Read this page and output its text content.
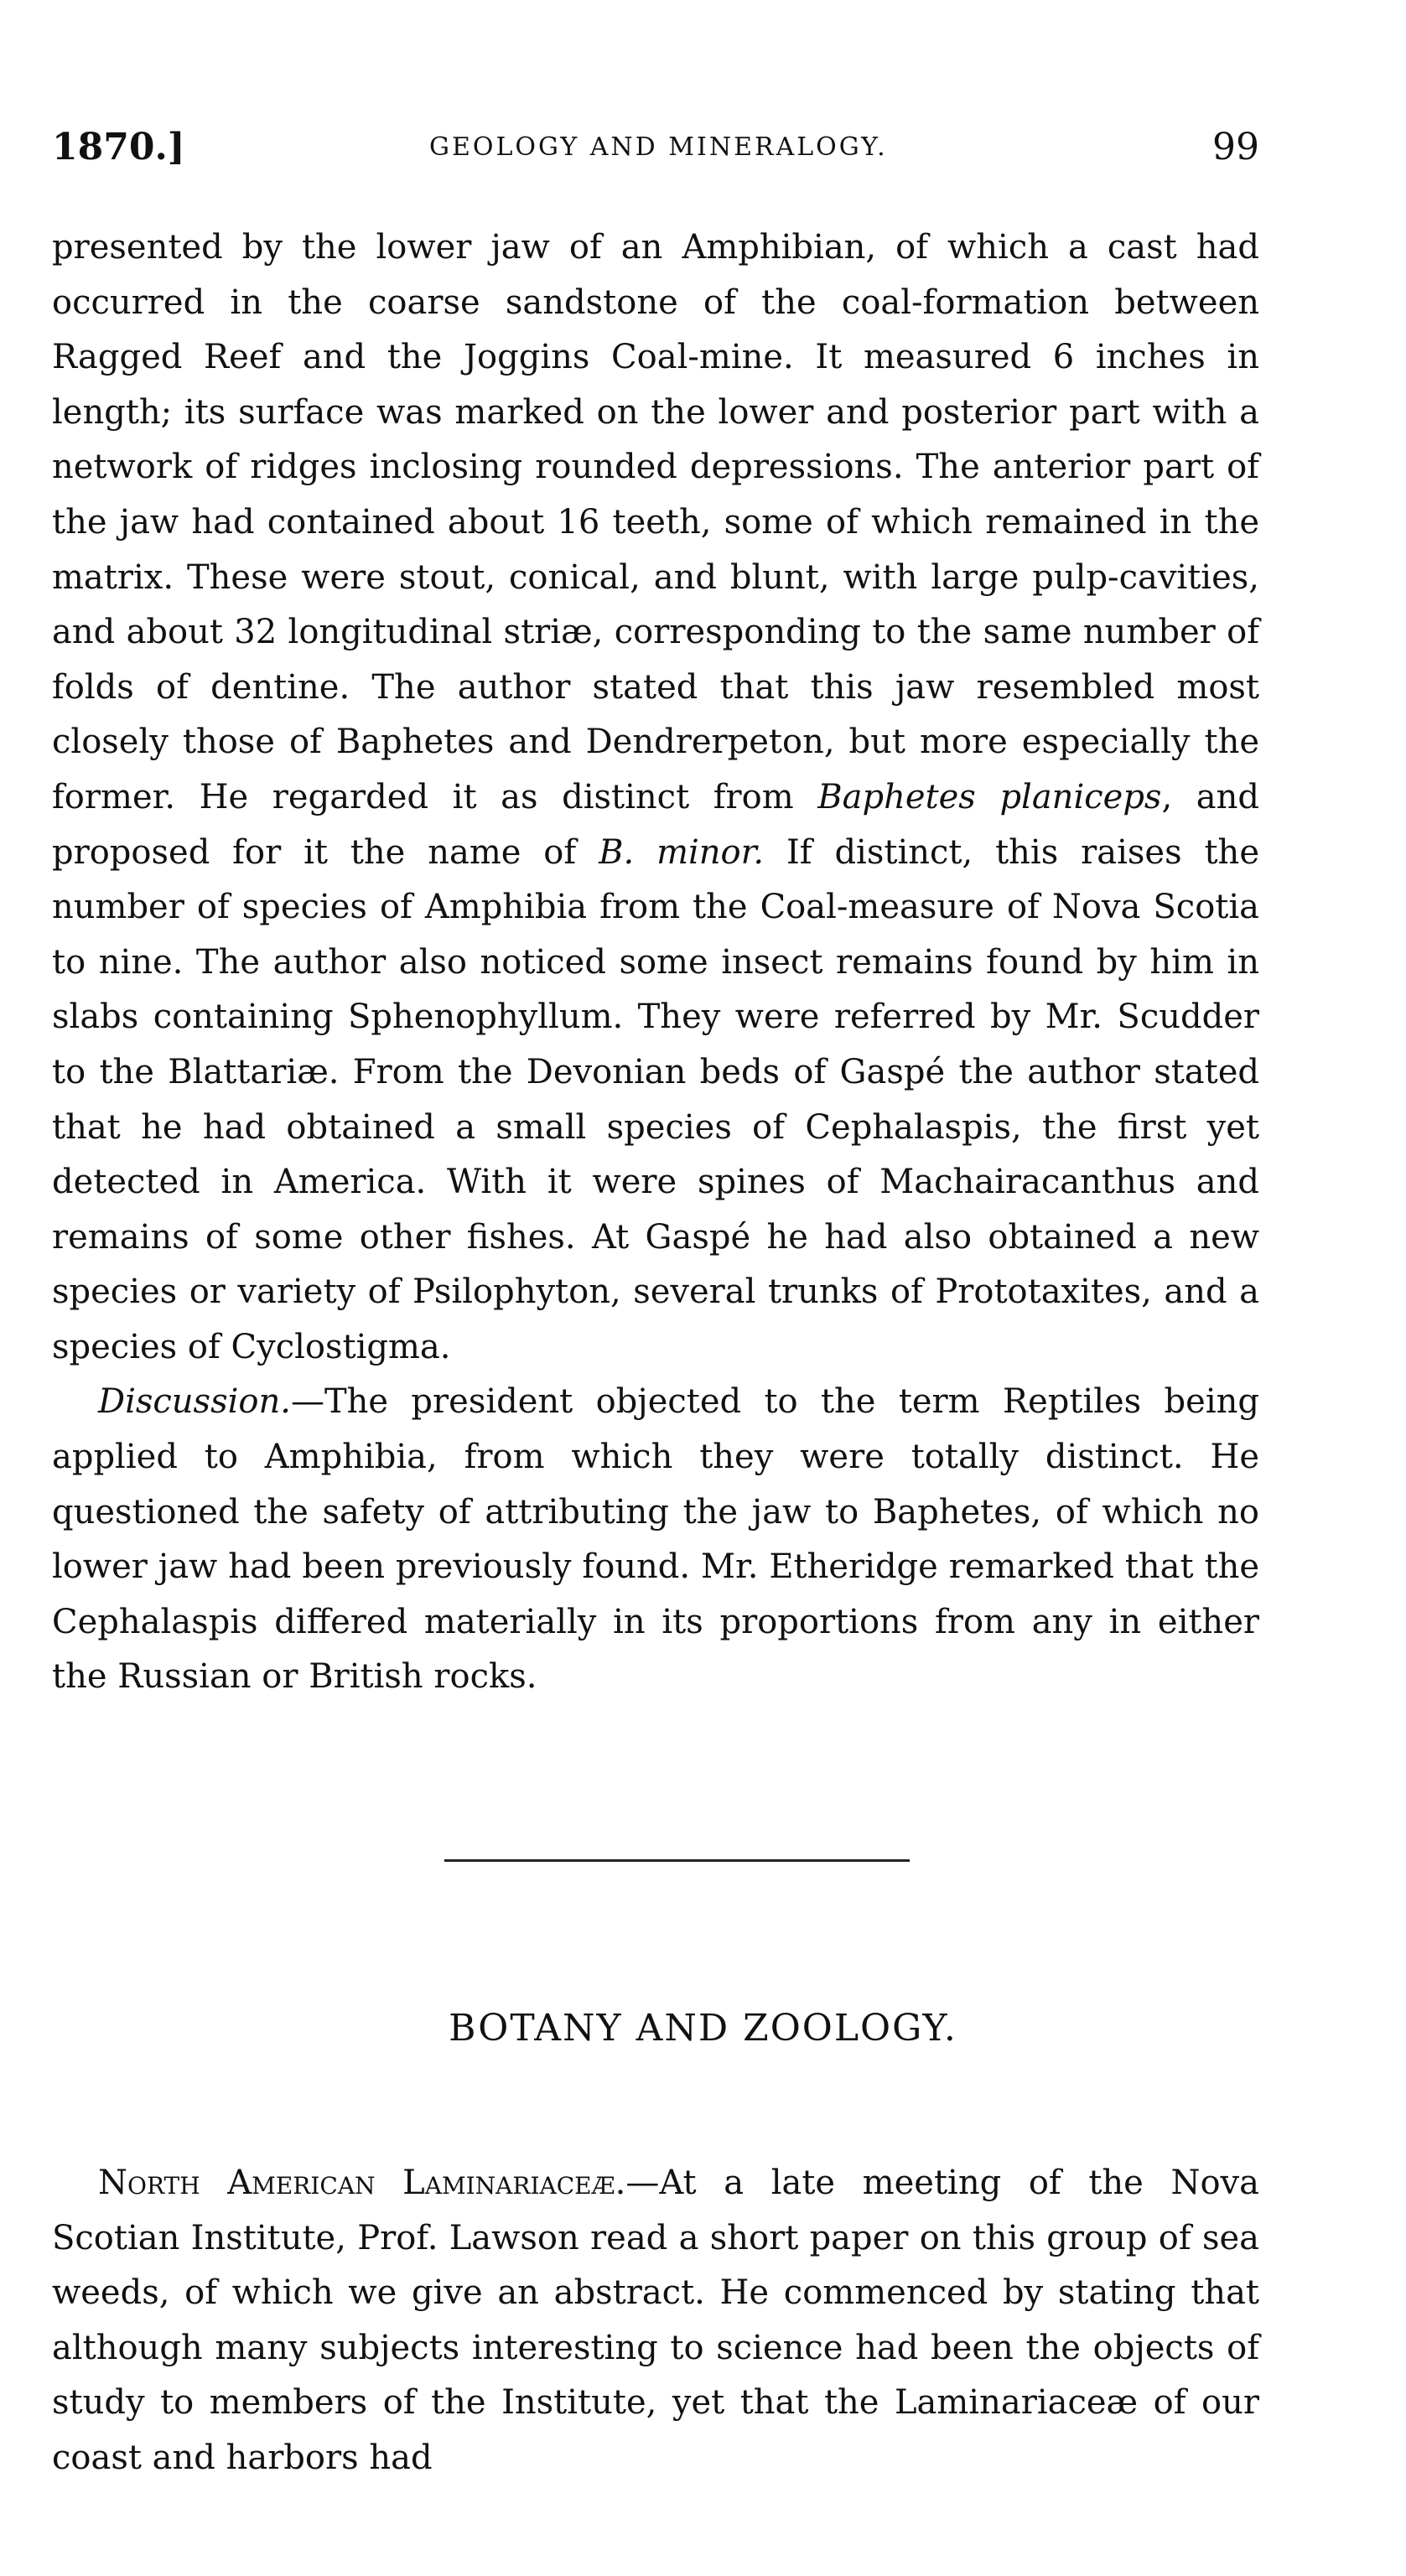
1870.]	GEOLOGY AND MINERALOGY.	99

presented by the lower jaw of an Amphibian, of which a cast had occurred in the coarse sandstone of the coal-formation between Ragged Reef and the Joggins Coal-mine. It measured 6 inches in length; its surface was marked on the lower and posterior part with a network of ridges inclosing rounded depressions. The anterior part of the jaw had contained about 16 teeth, some of which remained in the matrix. These were stout, conical, and blunt, with large pulp-cavities, and about 32 longitudinal striæ, corresponding to the same number of folds of dentine. The author stated that this jaw resembled most closely those of Baphetes and Dendrerpeton, but more especially the former. He regarded it as distinct from Baphetes planiceps, and proposed for it the name of B. minor. If distinct, this raises the number of species of Amphibia from the Coal-measure of Nova Scotia to nine. The author also noticed some insect remains found by him in slabs containing Sphenophyllum. They were referred by Mr. Scudder to the Blattariæ. From the Devonian beds of Gaspé the author stated that he had obtained a small species of Cephalaspis, the first yet detected in America. With it were spines of Machairacanthus and remains of some other fishes. At Gaspé he had also obtained a new species or variety of Psilophyton, several trunks of Prototaxites, and a species of Cyclostigma.

Discussion.—The president objected to the term Reptiles being applied to Amphibia, from which they were totally distinct. He questioned the safety of attributing the jaw to Baphetes, of which no lower jaw had been previously found. Mr. Etheridge remarked that the Cephalaspis differed materially in its proportions from any in either the Russian or British rocks.

BOTANY AND ZOOLOGY.

North American Laminariaceæ.—At a late meeting of the Nova Scotian Institute, Prof. Lawson read a short paper on this group of sea weeds, of which we give an abstract. He commenced by stating that although many subjects interesting to science had been the objects of study to members of the Institute, yet that the Laminariaceæ of our coast and harbors had
